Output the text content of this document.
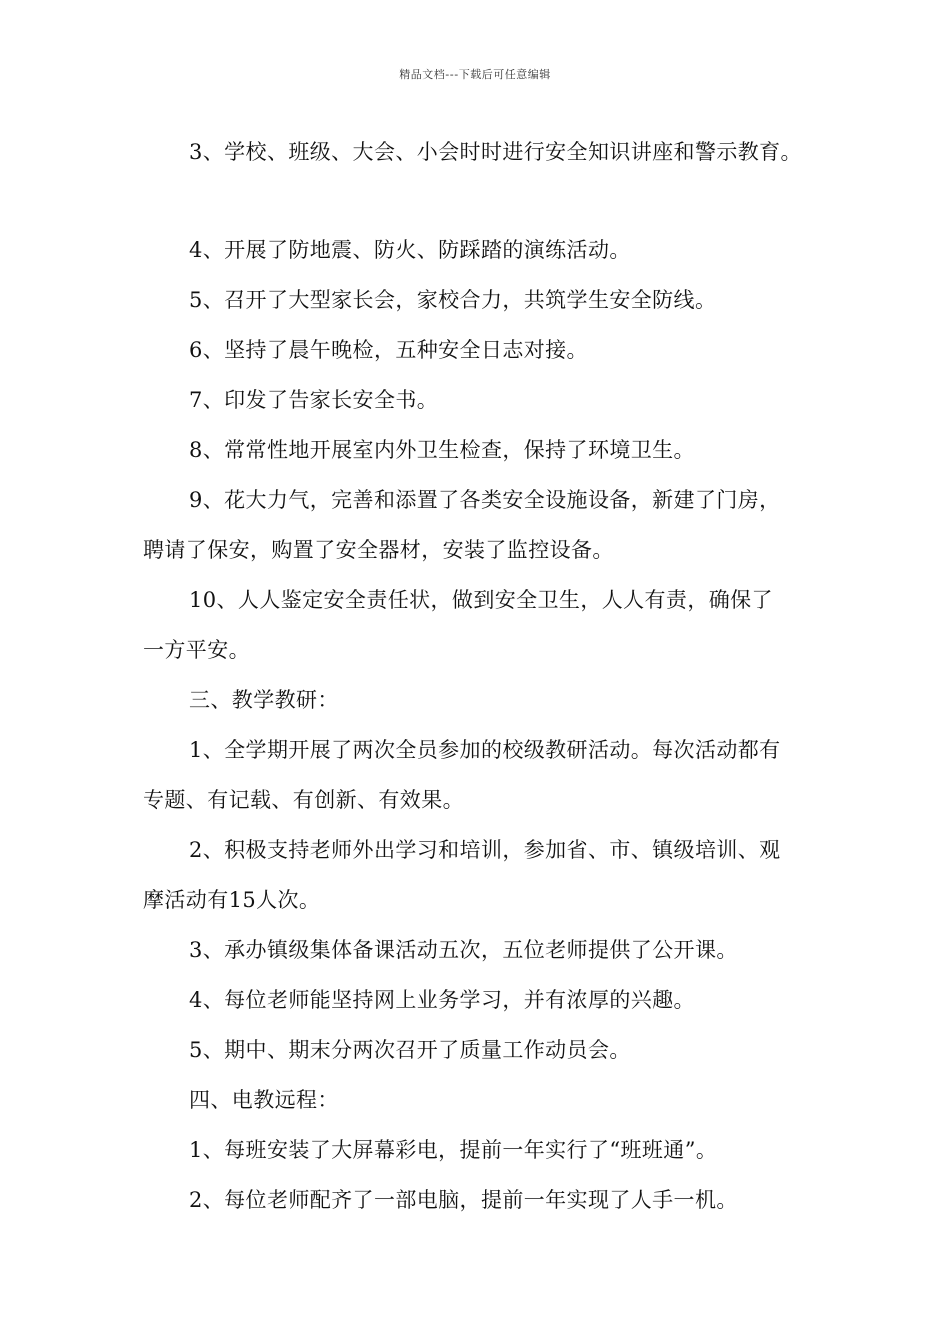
精品文档---下载后可任意编辑
3、学校、班级、大会、小会时时进行安全知识讲座和警示教育。
4、开展了防地震、防火、防踩踏的演练活动。
5、召开了大型家长会，家校合力，共筑学生安全防线。
6、坚持了晨午晚检，五种安全日志对接。
7、印发了告家长安全书。
8、常常性地开展室内外卫生检查，保持了环境卫生。
9、花大力气，完善和添置了各类安全设施设备，新建了门房，
聘请了保安，购置了安全器材，安装了监控设备。
10、人人鉴定安全责任状，做到安全卫生，人人有责，确保了
一方平安。
三、教学教研：
1、全学期开展了两次全员参加的校级教研活动。每次活动都有
专题、有记载、有创新、有效果。
2、积极支持老师外出学习和培训，参加省、市、镇级培训、观
摩活动有15人次。
3、承办镇级集体备课活动五次，五位老师提供了公开课。
4、每位老师能坚持网上业务学习，并有浓厚的兴趣。
5、期中、期末分两次召开了质量工作动员会。
四、电教远程：
1、每班安装了大屏幕彩电，提前一年实行了“班班通”。
2、每位老师配齐了一部电脑，提前一年实现了人手一机。
